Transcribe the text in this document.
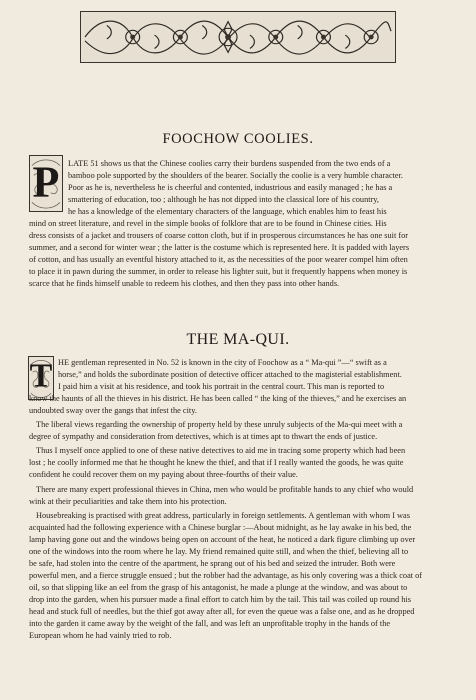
FOOCHOW COOLIES.
P	LATE 51 shows us that the Chinese coolies carry their burdens suspended from the two ends of a

bamboo pole supported by the shoulders of the bearer. Socially the coolie is a very humble character.

Poor as he is, nevertheless he is cheerful and contented, industrious and easily managed ; he has a

smattering of education, too ; although he has not dipped into the classical lore of his country,

he has a knowledge of the elementary characters of the language, which enables him to feast his

mind on street literature, and revel in the simple books of folklore that are to be found in Chinese cities. His

dress consists of a jacket and trousers of coarse cotton cloth, but if in prosperous circumstances he has one suit for

summer, and a second for winter wear ; the latter is the costume which is represented here. It is padded with layers

of cotton, and has usually an eventful history attached to it, as the necessities of the poor wearer compel him often

to place it in pawn during the summer, in order to release his lighter suit, but it frequently happens when money is

scarce that he finds himself unable to redeem his clothes, and then they pass into other hands.

THE MA-QUI.
T HE gentleman represented in No. 52 is known in the city of Foochow as a “ Ma-qui ”—“ swift as a

horse,” and holds the subordinate position of detective officer attached to the magisterial establishment.

I paid him a visit at his residence, and took his portrait in the central court. This man is reported to

know the haunts of all the thieves in his district. He has been called “ the king of the thieves,” and he exercises an

undoubted sway over the gangs that infest the city.

The liberal views regarding the ownership of property held by these unruly subjects of the Ma-qui meet with a

degree of sympathy and consideration from detectives, which is at times apt to thwart the ends of justice.

Thus I myself once applied to one of these native detectives to aid me in tracing some property which had been

lost ; he coolly informed me that he thought he knew the thief, and that if I really wanted the goods, he was quite

confident he could recover them on my paying about three-fourths of their value.

There are many expert professional thieves in China, men who would be profitable hands to any chief who would

wink at their peculiarities and take them into his protection.

Housebreaking is practised with great address, particularly in foreign settlements. A gentleman with whom I was

acquainted had the following experience with a Chinese burglar :—About midnight, as he lay awake in his bed, the

lamp having gone out and the windows being open on account of the heat, he noticed a dark figure climbing up over

one of the windows into the room where he lay. My friend remained quite still, and when the thief, believing all to

be safe, had stolen into the centre of the apartment, he sprang out of his bed and seized the intruder. Both were

powerful men, and a fierce struggle ensued ; but the robber had the advantage, as his only covering was a thick coat of

oil, so that slipping like an eel from the grasp of his antagonist, he made a plunge at the window, and was about to

drop into the garden, when his pursuer made a final effort to catch him by the tail. This tail was coiled up round his

head and stuck full of needles, but the thief got away after all, for even the queue was a false one, and as he dropped

into the garden it came away by the weight of the fall, and was left an unprofitable trophy in the hands of the

European whom he had vainly tried to rob.
